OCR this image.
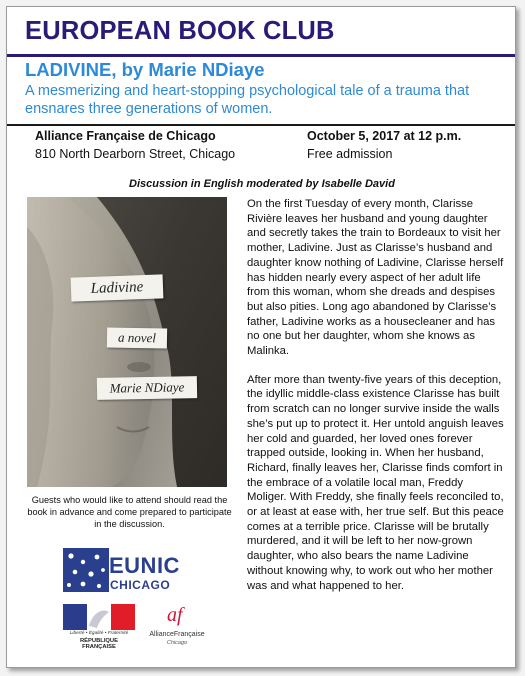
EUROPEAN BOOK CLUB
LADIVINE, by Marie NDiaye
A mesmerizing and heart-stopping psychological tale of a trauma that ensnares three generations of women.
Alliance Française de Chicago
810 North Dearborn Street, Chicago
October 5, 2017 at 12 p.m.
Free admission
Discussion in English moderated by Isabelle David
Ladivine
a novel
Marie NDiaye
Guests who would like to attend should read the book in advance and come prepared to participate in the discussion.
EUNIC
CHICAGO
Liberté • Égalité • Fraternité
RÉPUBLIQUE FRANÇAISE
af
AllianceFrançaise
Chicago

On the first Tuesday of every month, Clarisse Rivière leaves her husband and young daughter and secretly takes the train to Bordeaux to visit her mother, Ladivine. Just as Clarisse’s husband and daughter know nothing of Ladivine, Clarisse herself has hidden nearly every aspect of her adult life from this woman, whom she dreads and despises but also pities. Long ago abandoned by Clarisse’s father, Ladivine works as a housecleaner and has no one but her daughter, whom she knows as Malinka.

After more than twenty-five years of this deception, the idyllic middle-class existence Clarisse has built from scratch can no longer survive inside the walls she’s put up to protect it. Her untold anguish leaves her cold and guarded, her loved ones forever trapped outside, looking in. When her husband, Richard, finally leaves her, Clarisse finds comfort in the embrace of a volatile local man, Freddy Moliger. With Freddy, she finally feels reconciled to, or at least at ease with, her true self. But this peace comes at a terrible price. Clarisse will be brutally murdered, and it will be left to her now-grown daughter, who also bears the name Ladivine without knowing why, to work out who her mother was and what happened to her.
